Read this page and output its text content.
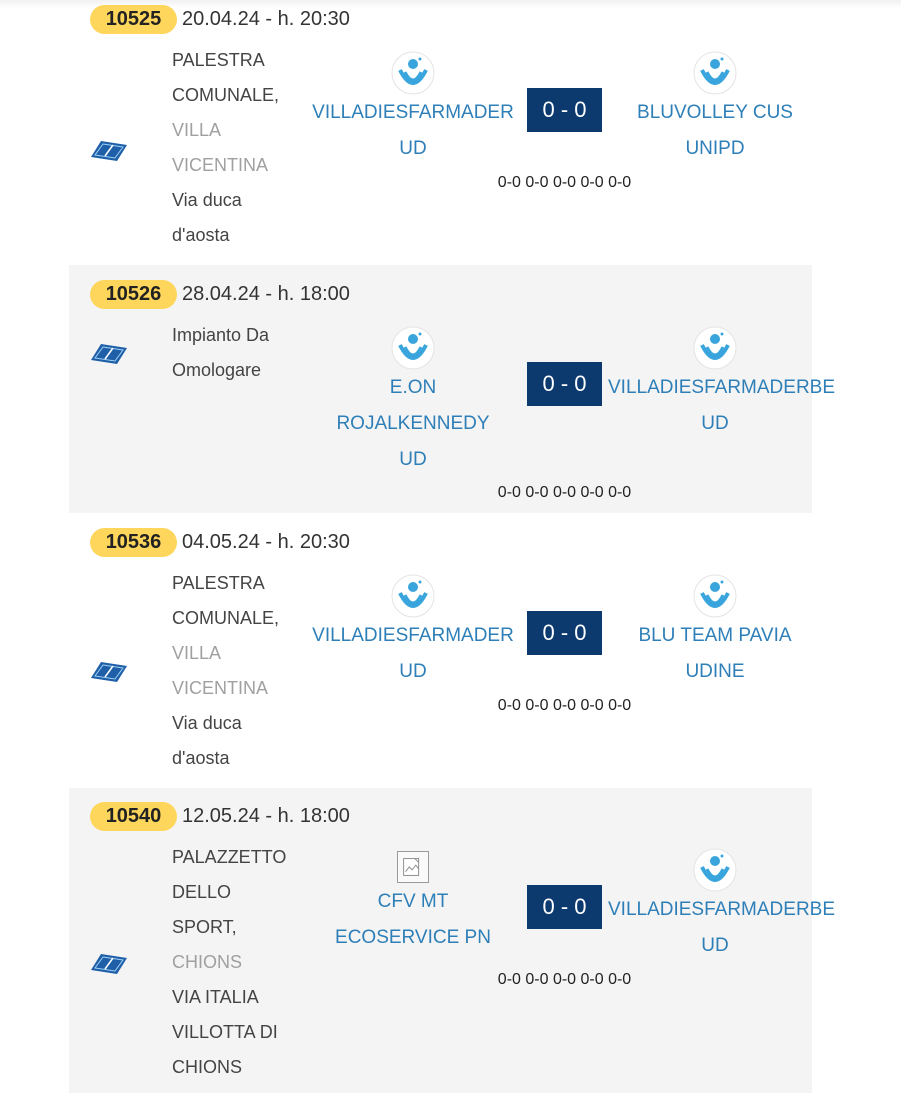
10525	20.04.24 - h. 20:30
PALESTRA
COMUNALE,
VILLA
VICENTINA
Via duca
d'aosta
VILLADIESFARMADER
UD
0 - 0
0-0 0-0 0-0 0-0 0-0
BLUVOLLEY CUS
UNIPD
10526	28.04.24 - h. 18:00
Impianto Da
Omologare
E.ON
ROJALKENNEDY
UD
0 - 0
0-0 0-0 0-0 0-0 0-0
VILLADIESFARMADERBE
UD
10536	04.05.24 - h. 20:30
PALESTRA
COMUNALE,
VILLA
VICENTINA
Via duca
d'aosta
VILLADIESFARMADER
UD
0 - 0
0-0 0-0 0-0 0-0 0-0
BLU TEAM PAVIA
UDINE
10540	12.05.24 - h. 18:00
PALAZZETTO
DELLO
SPORT,
CHIONS
VIA ITALIA
VILLOTTA DI
CHIONS
CFV MT
ECOSERVICE PN
0 - 0
0-0 0-0 0-0 0-0 0-0
VILLADIESFARMADERBE
UD
